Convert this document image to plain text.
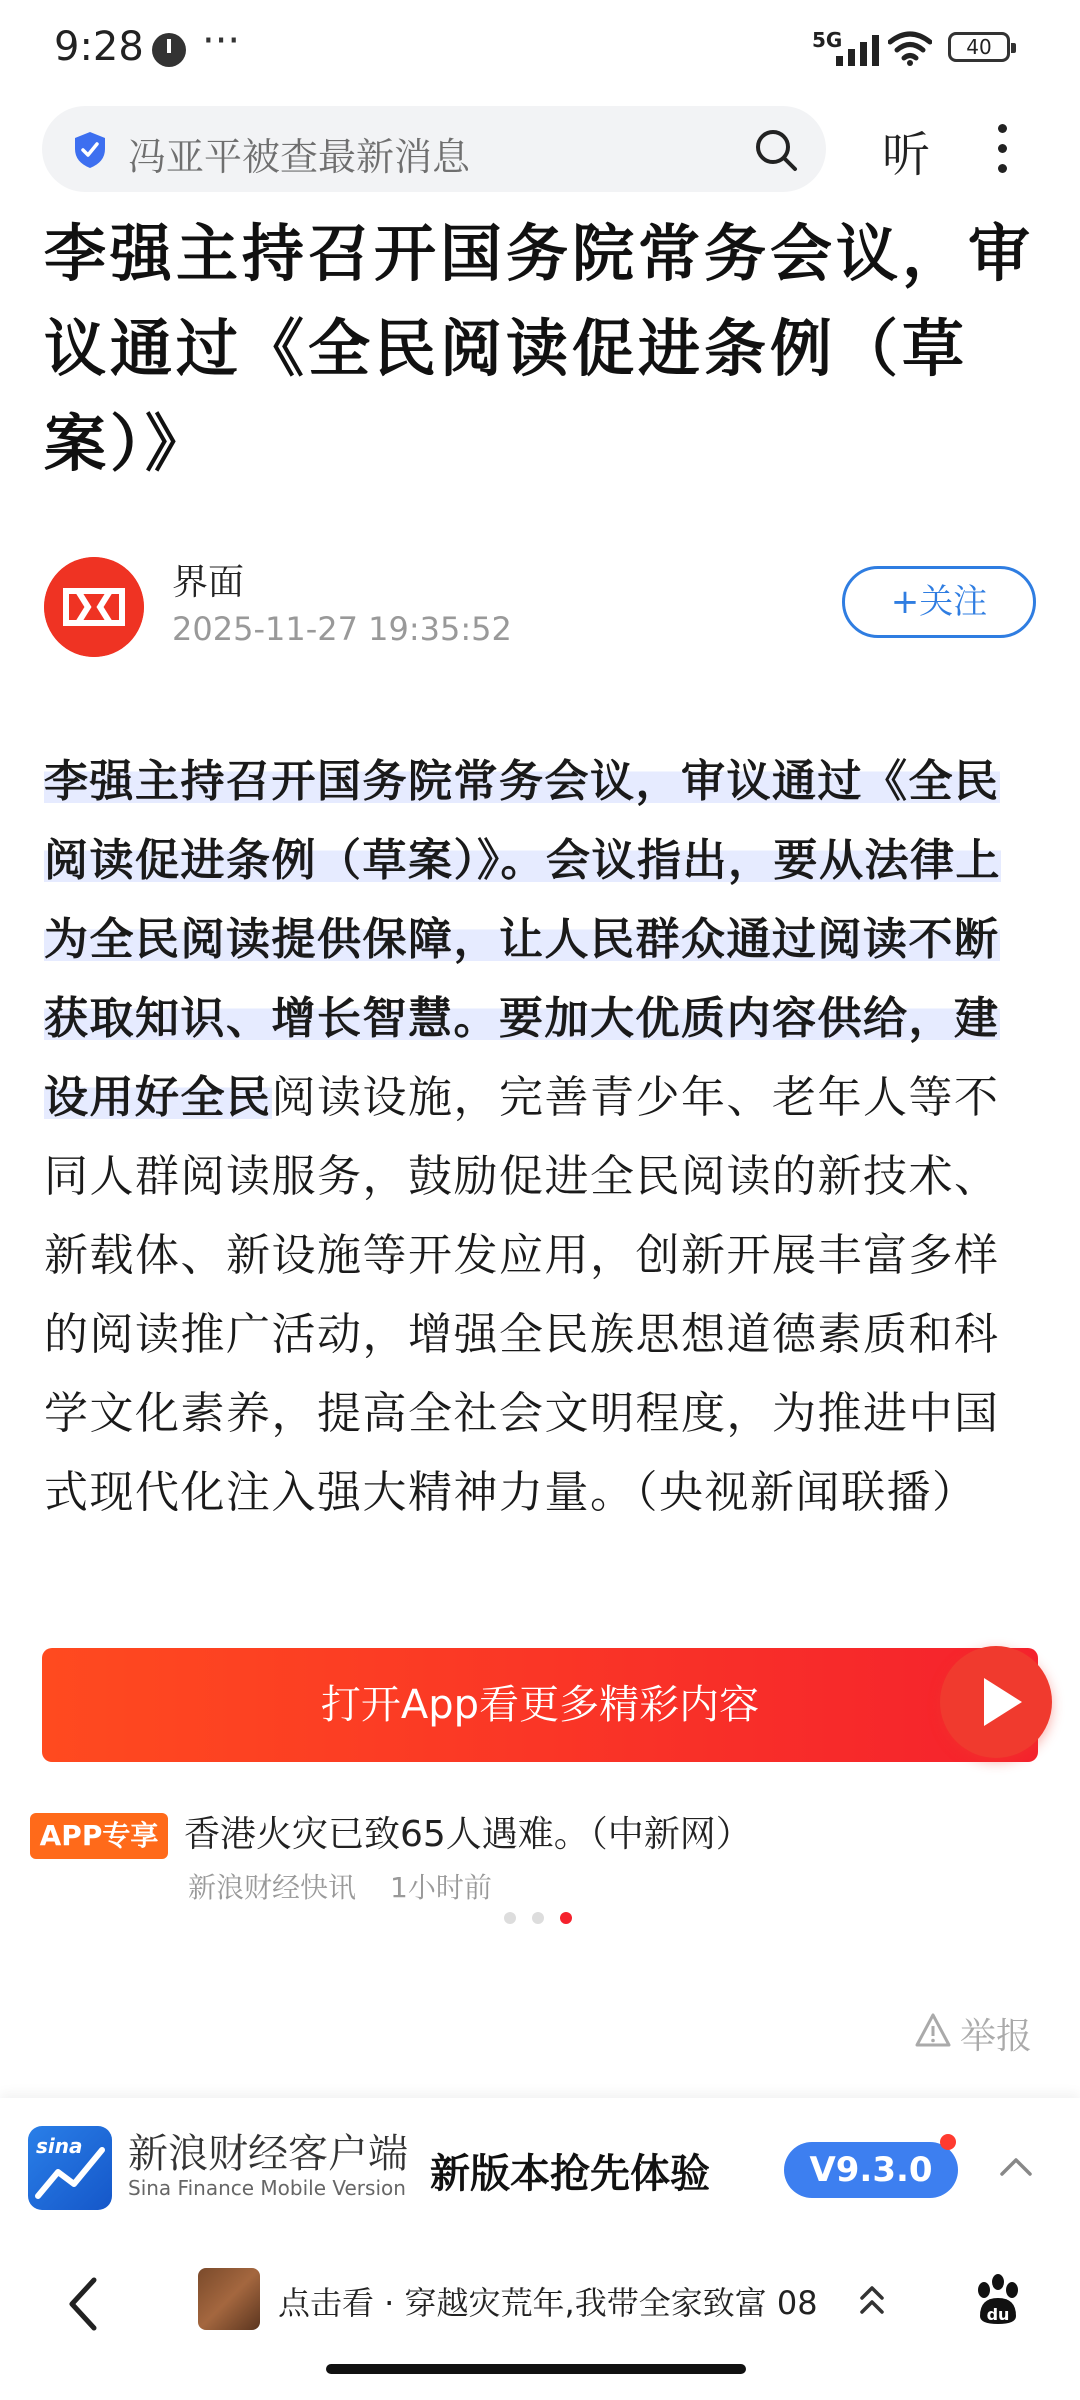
9:28 ···	5G	40
冯亚平被查最新消息	听
李强主持召开国务院常务会议，审议通过《全民阅读促进条例（草案）》
界面
2025-11-27 19:35:52
+关注
李强主持召开国务院常务会议，审议通过《全民阅读促进条例（草案）》。会议指出，要从法律上为全民阅读提供保障，让人民群众通过阅读不断获取知识、增长智慧。要加大优质内容供给，建设用好全民阅读设施，完善青少年、老年人等不同人群阅读服务，鼓励促进全民阅读的新技术、新载体、新设施等开发应用，创新开展丰富多样的阅读推广活动，增强全民族思想道德素质和科学文化素养，提高全社会文明程度，为推进中国式现代化注入强大精神力量。（央视新闻联播）
打开App看更多精彩内容
APP专享 香港火灾已致65人遇难。（中新网）
新浪财经快讯 1小时前
举报
sina 新浪财经客户端
Sina Finance Mobile Version 新版本抢先体验	V9.3.0
点击看 · 穿越灾荒年,我带全家致富 08	du
